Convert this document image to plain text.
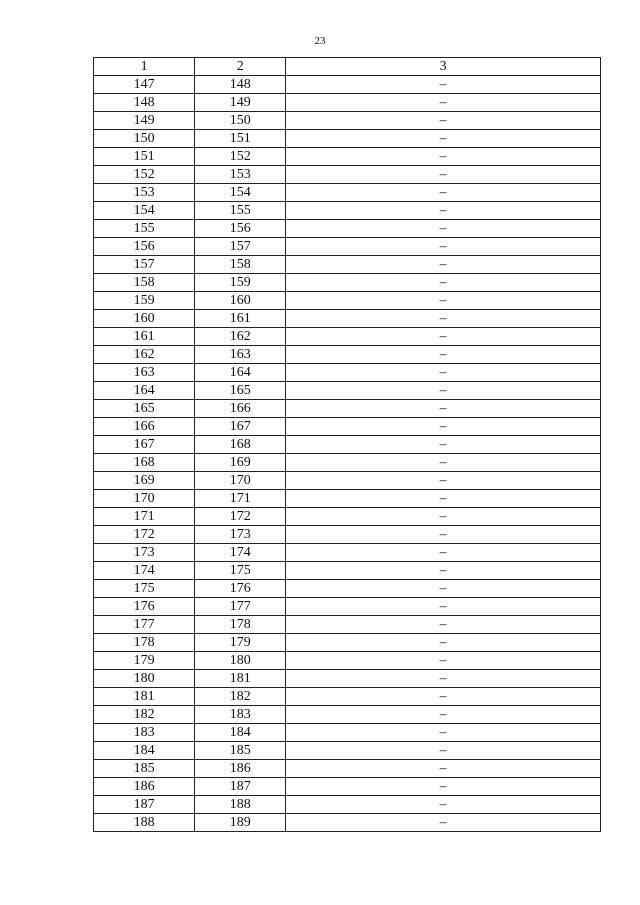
23
1	2	3
147	148	–
148	149	–
149	150	–
150	151	–
151	152	–
152	153	–
153	154	–
154	155	–
155	156	–
156	157	–
157	158	–
158	159	–
159	160	–
160	161	–
161	162	–
162	163	–
163	164	–
164	165	–
165	166	–
166	167	–
167	168	–
168	169	–
169	170	–
170	171	–
171	172	–
172	173	–
173	174	–
174	175	–
175	176	–
176	177	–
177	178	–
178	179	–
179	180	–
180	181	–
181	182	–
182	183	–
183	184	–
184	185	–
185	186	–
186	187	–
187	188	–
188	189	–
